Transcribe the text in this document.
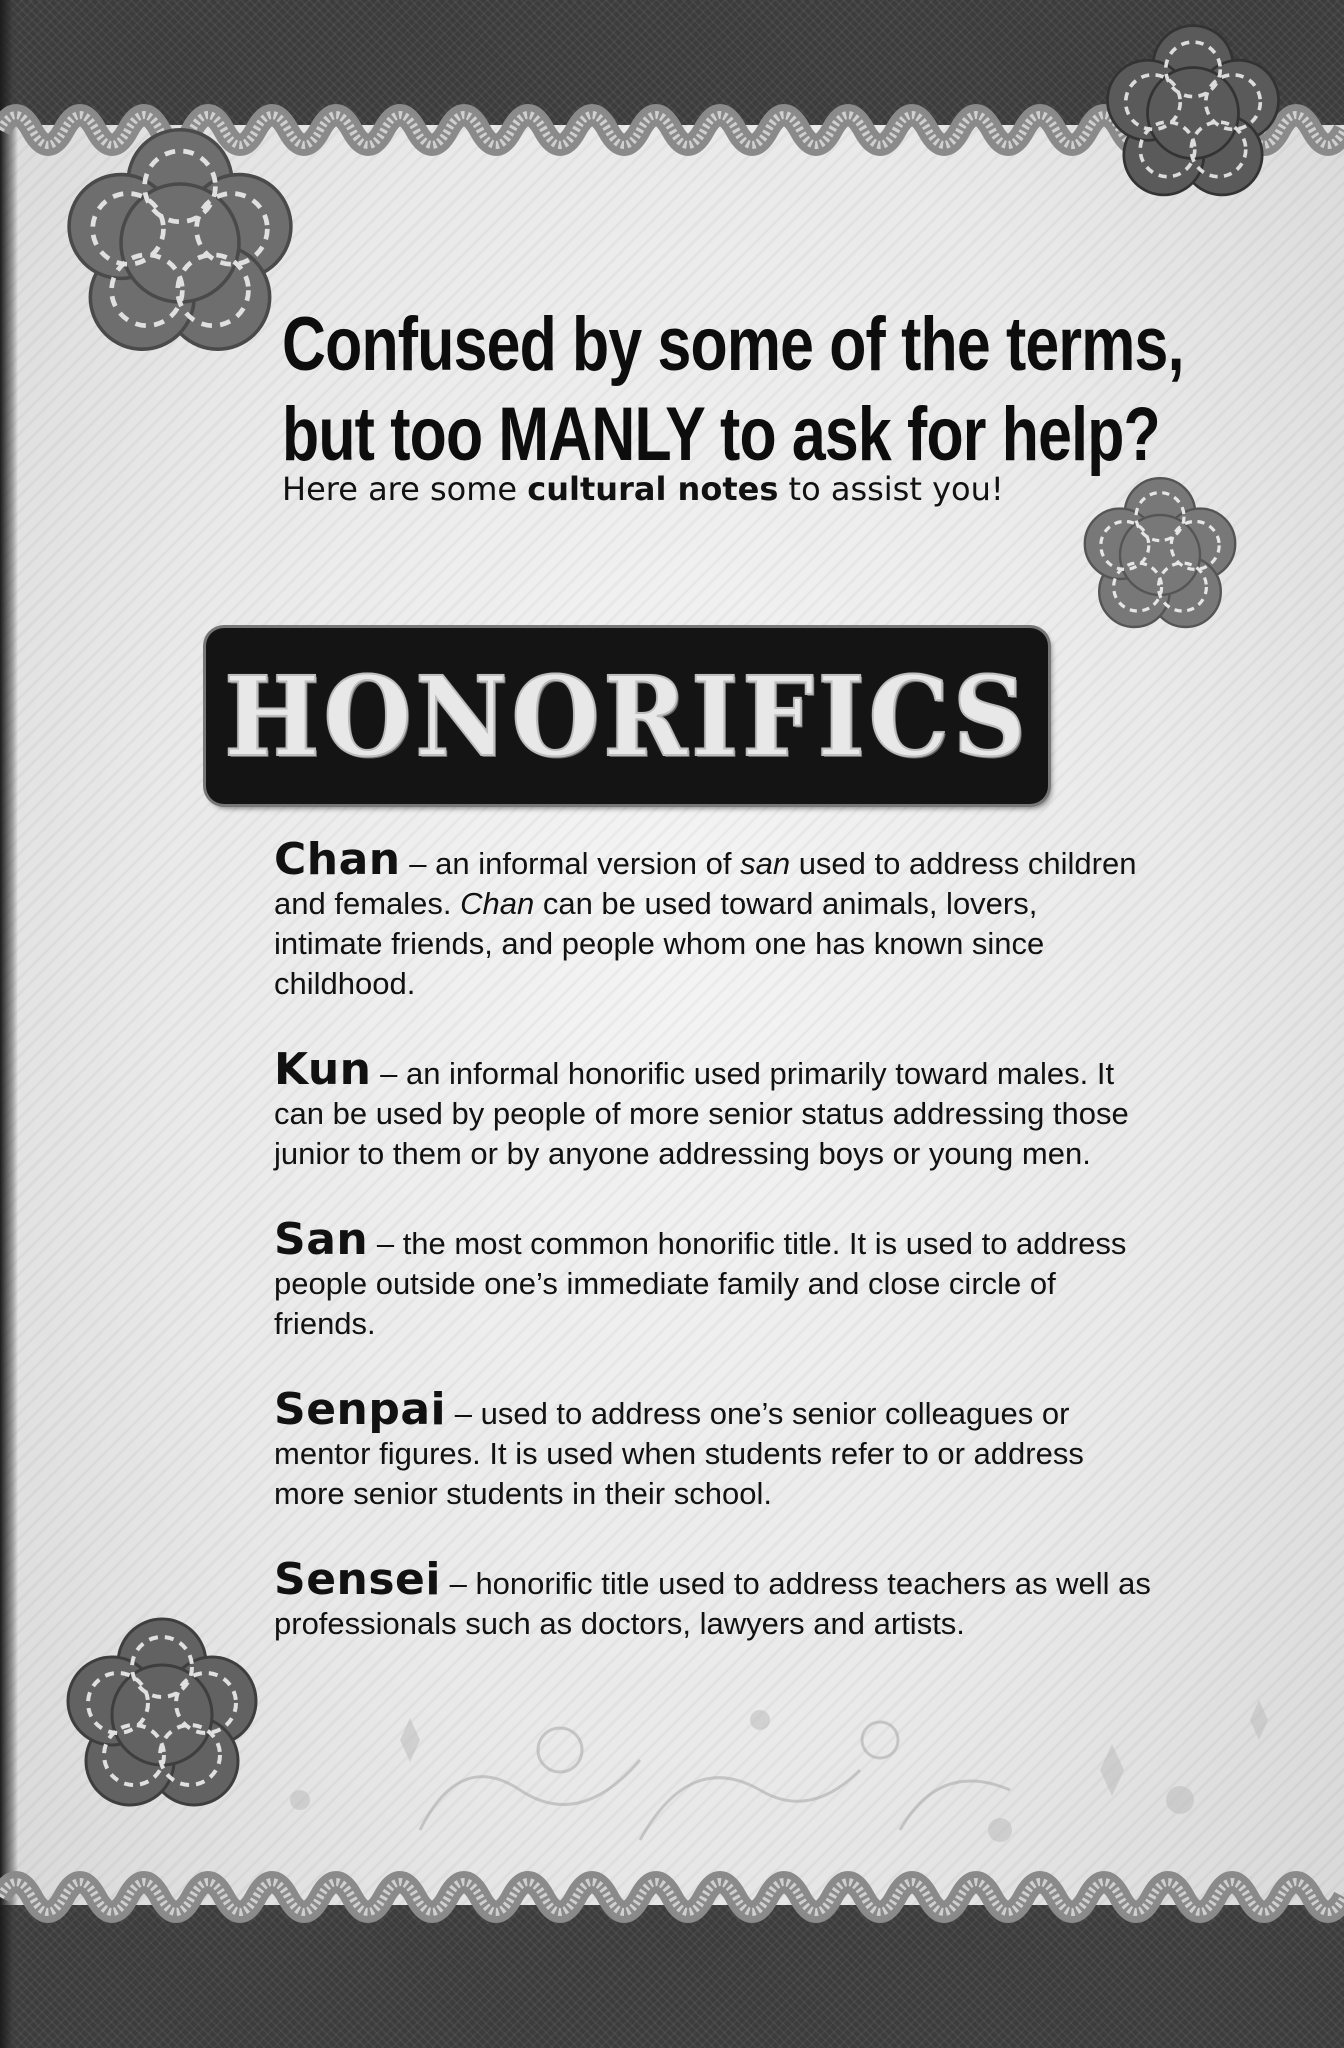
Confused by some of the terms,
but too MANLY to ask for help?
Here are some cultural notes to assist you!
HONORIFICS
Chan – an informal version of san used to address children and females. Chan can be used toward animals, lovers, intimate friends, and people whom one has known since childhood.
Kun – an informal honorific used primarily toward males. It can be used by people of more senior status addressing those junior to them or by anyone addressing boys or young men.
San – the most common honorific title. It is used to address people outside one’s immediate family and close circle of friends.
Senpai – used to address one’s senior colleagues or mentor figures. It is used when students refer to or address more senior students in their school.
Sensei – honorific title used to address teachers as well as professionals such as doctors, lawyers and artists.
